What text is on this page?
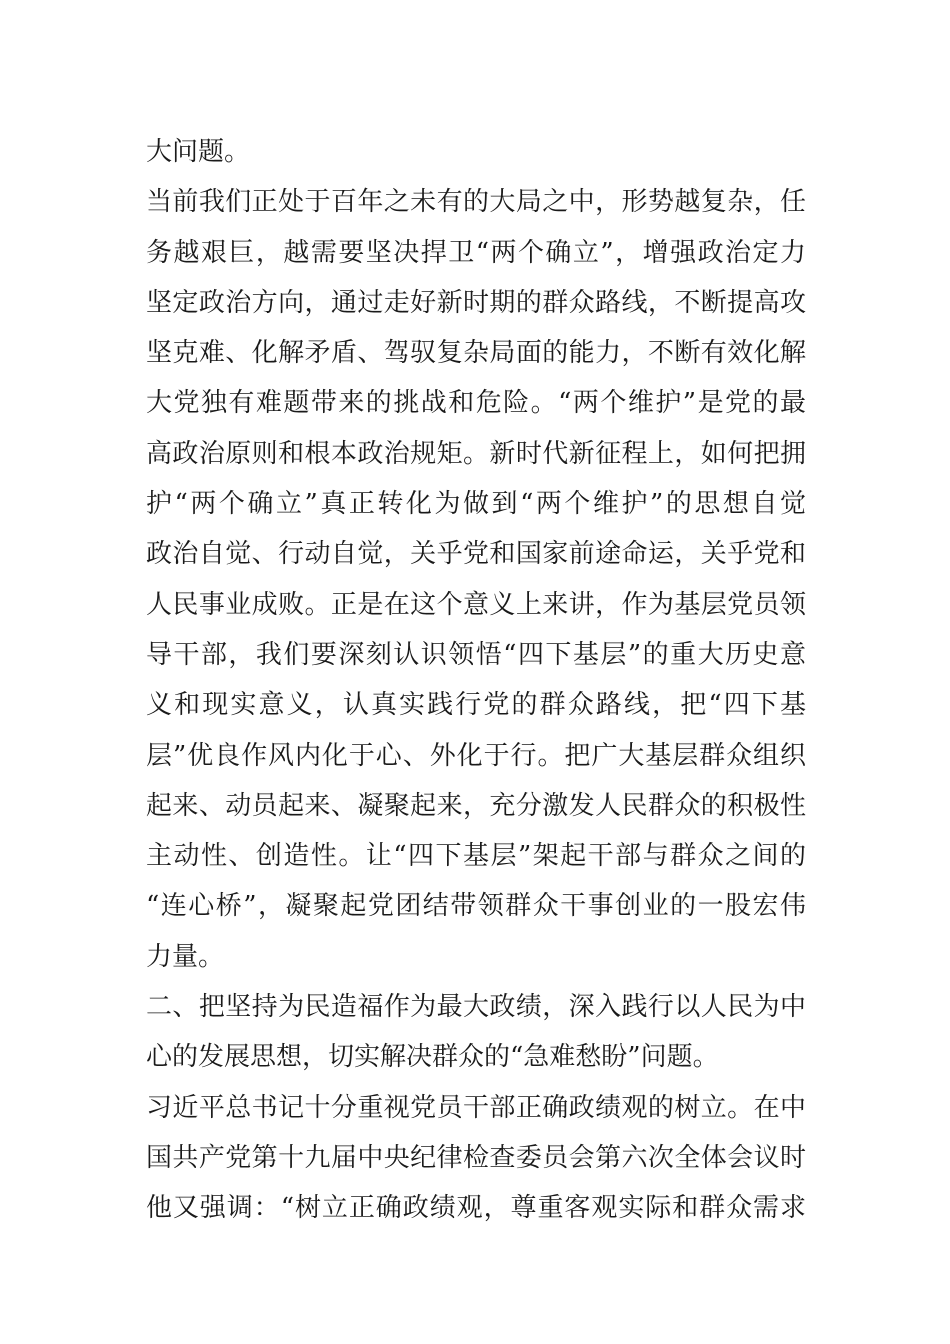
大问题。
当前我们正处于百年之未有的大局之中，形势越复杂，任
务越艰巨，越需要坚决捍卫“两个确立”，增强政治定力
坚定政治方向，通过走好新时期的群众路线，不断提高攻
坚克难、化解矛盾、驾驭复杂局面的能力，不断有效化解
大党独有难题带来的挑战和危险。“两个维护”是党的最
高政治原则和根本政治规矩。新时代新征程上，如何把拥
护“两个确立”真正转化为做到“两个维护”的思想自觉
政治自觉、行动自觉，关乎党和国家前途命运，关乎党和
人民事业成败。正是在这个意义上来讲，作为基层党员领
导干部，我们要深刻认识领悟“四下基层”的重大历史意
义和现实意义，认真实践行党的群众路线，把“四下基
层”优良作风内化于心、外化于行。把广大基层群众组织
起来、动员起来、凝聚起来，充分激发人民群众的积极性
主动性、创造性。让“四下基层”架起干部与群众之间的
“连心桥”，凝聚起党团结带领群众干事创业的一股宏伟
力量。
二、把坚持为民造福作为最大政绩，深入践行以人民为中
心的发展思想，切实解决群众的“急难愁盼”问题。
习近平总书记十分重视党员干部正确政绩观的树立。在中
国共产党第十九届中央纪律检查委员会第六次全体会议时
他又强调：“树立正确政绩观，尊重客观实际和群众需求
